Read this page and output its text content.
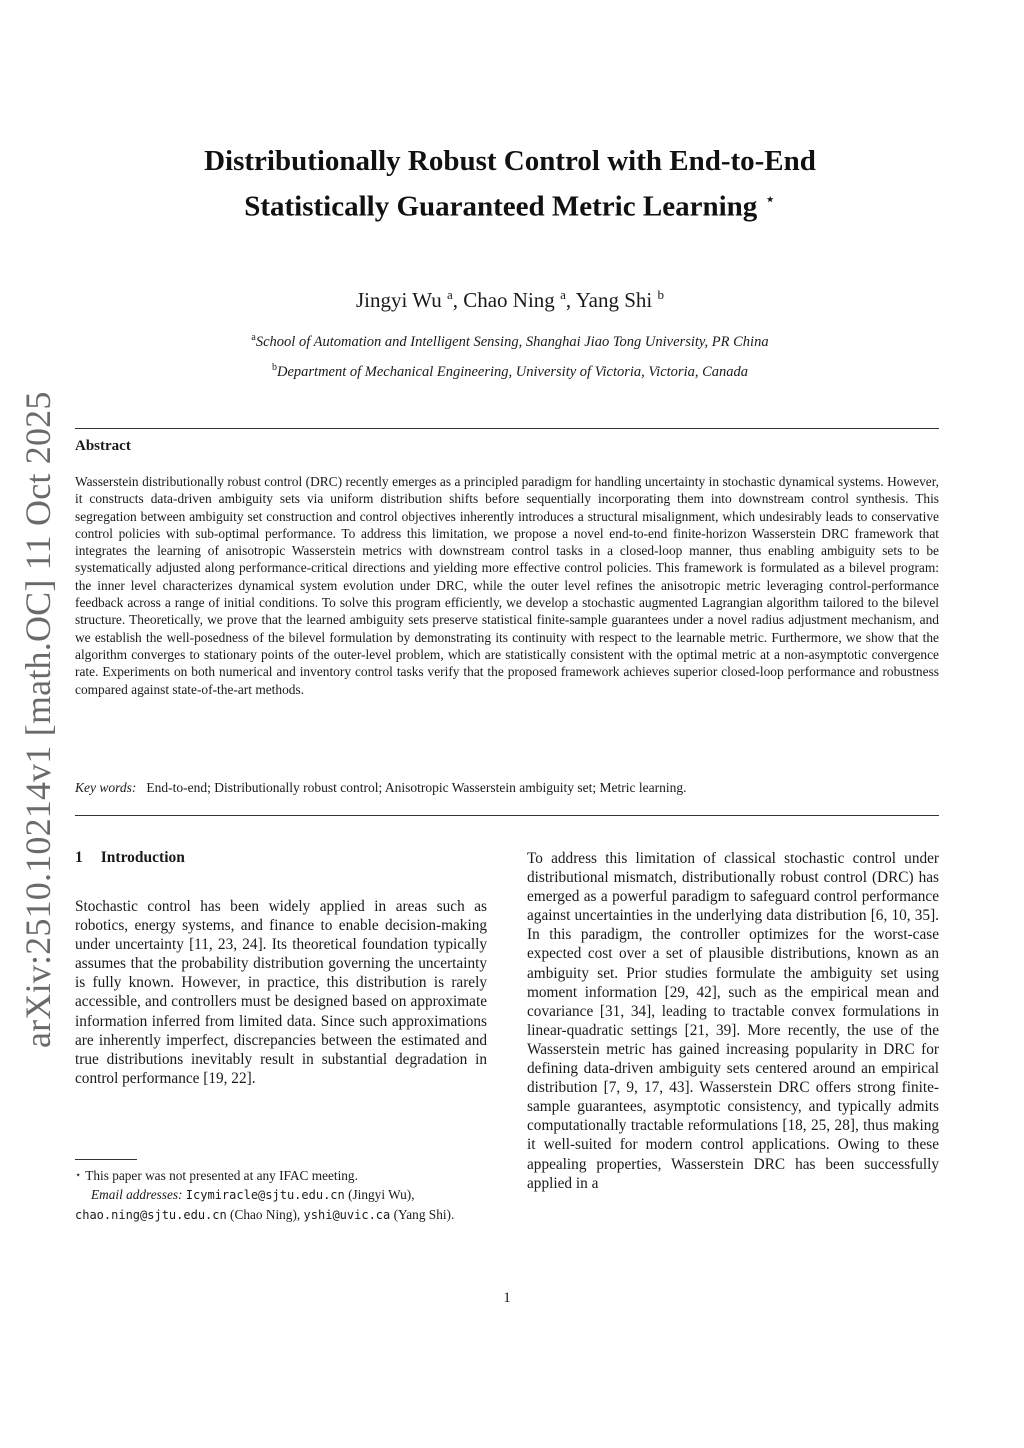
arXiv:2510.10214v1 [math.OC] 11 Oct 2025
Distributionally Robust Control with End-to-End
Statistically Guaranteed Metric Learning ⋆
Jingyi Wu $^a$, Chao Ning $^a$, Yang Shi $^b$
$^a$School of Automation and Intelligent Sensing, Shanghai Jiao Tong University, PR China
$^b$Department of Mechanical Engineering, University of Victoria, Victoria, Canada
Abstract
Wasserstein distributionally robust control (DRC) recently emerges as a principled paradigm for handling uncertainty in stochastic dynamical systems. However, it constructs data-driven ambiguity sets via uniform distribution shifts before sequentially incorporating them into downstream control synthesis. This segregation between ambiguity set construction and control objectives inherently introduces a structural misalignment, which undesirably leads to conservative control policies with sub-optimal performance. To address this limitation, we propose a novel end-to-end finite-horizon Wasserstein DRC framework that integrates the learning of anisotropic Wasserstein metrics with downstream control tasks in a closed-loop manner, thus enabling ambiguity sets to be systematically adjusted along performance-critical directions and yielding more effective control policies. This framework is formulated as a bilevel program: the inner level characterizes dynamical system evolution under DRC, while the outer level refines the anisotropic metric leveraging control-performance feedback across a range of initial conditions. To solve this program efficiently, we develop a stochastic augmented Lagrangian algorithm tailored to the bilevel structure. Theoretically, we prove that the learned ambiguity sets preserve statistical finite-sample guarantees under a novel radius adjustment mechanism, and we establish the well-posedness of the bilevel formulation by demonstrating its continuity with respect to the learnable metric. Furthermore, we show that the algorithm converges to stationary points of the outer-level problem, which are statistically consistent with the optimal metric at a non-asymptotic convergence rate. Experiments on both numerical and inventory control tasks verify that the proposed framework achieves superior closed-loop performance and robustness compared against state-of-the-art methods.
Key words: End-to-end; Distributionally robust control; Anisotropic Wasserstein ambiguity set; Metric learning.
1 Introduction
Stochastic control has been widely applied in areas such as robotics, energy systems, and finance to enable decision-making under uncertainty [11, 23, 24]. Its theoretical foundation typically assumes that the probability distribution governing the uncertainty is fully known. However, in practice, this distribution is rarely accessible, and controllers must be designed based on approximate information inferred from limited data. Since such approximations are inherently imperfect, discrepancies between the estimated and true distributions inevitably result in substantial degradation in control performance [19, 22].
To address this limitation of classical stochastic control under distributional mismatch, distributionally robust control (DRC) has emerged as a powerful paradigm to safeguard control performance against uncertainties in the underlying data distribution [6, 10, 35]. In this paradigm, the controller optimizes for the worst-case expected cost over a set of plausible distributions, known as an ambiguity set. Prior studies formulate the ambiguity set using moment information [29, 42], such as the empirical mean and covariance [31, 34], leading to tractable convex formulations in linear-quadratic settings [21, 39]. More recently, the use of the Wasserstein metric has gained increasing popularity in DRC for defining data-driven ambiguity sets centered around an empirical distribution [7, 9, 17, 43]. Wasserstein DRC offers strong finite-sample guarantees, asymptotic consistency, and typically admits computationally tractable reformulations [18, 25, 28], thus making it well-suited for modern control applications. Owing to these appealing properties, Wasserstein DRC has been successfully applied in a
⋆ This paper was not presented at any IFAC meeting.
Email addresses: Icymiracle@sjtu.edu.cn (Jingyi Wu), chao.ning@sjtu.edu.cn (Chao Ning), yshi@uvic.ca (Yang Shi).
1
